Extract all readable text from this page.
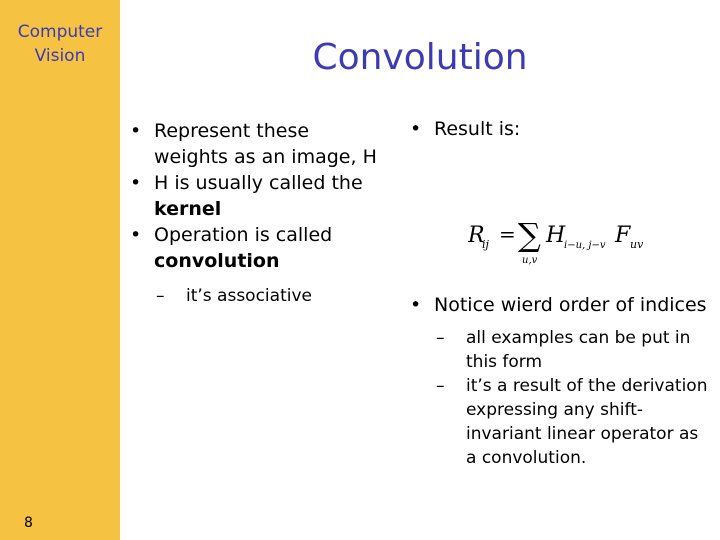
Computer
Vision
8
Convolution

• Represent these weights as an image, H

• H is usually called the kernel

• Operation is called convolution

– it’s associative

• Result is:

• Notice wierd order of indices

– all examples can be put in this form

– it’s a result of the derivation expressing any shift-invariant linear operator as a convolution.

R
ij = ∑
u,v
H
i−u, j−v F uv
